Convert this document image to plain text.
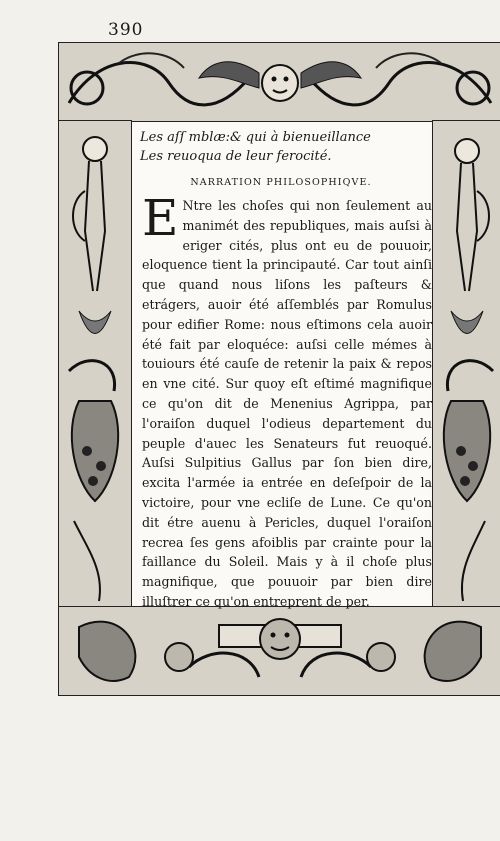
390
Les aſſ mblæ:& qui à bienueillance
Les reuoqua de leur ferocité.
NARRATION PHILOSOPHIQVE.
E Ntre les choſes qui non ſeulement au manimét des republiques, mais auſsi à eriger cités, plus ont eu de pouuoir, eloquence tient la principauté. Car tout ainſi que quand nous liſons les paſteurs & etrágers, auoir été aſſemblés par Romulus pour edifier Rome: nous eſtimons cela auoir été fait par eloquéce: auſsi celle mémes à touiours été cauſe de retenir la paix & repos en vne cité. Sur quoy eſt eſtimé magnifique ce qu'on dit de Menenius Agrippa, par l'oraiſon duquel l'odieus departement du peuple d'auec les Senateurs fut reuoqué. Auſsi Sulpitius Gallus par ſon bien dire, excita l'armée ia entrée en deſeſpoir de la victoire, pour vne ecliſe de Lune. Ce qu'on dit étre auenu à Pericles, duquel l'oraiſon recrea ſes gens afoiblis par crainte pour la faillance du Soleil. Mais y à il choſe plus magnifique, que pouuoir par bien dire illuſtrer ce qu'on entreprent de per.
